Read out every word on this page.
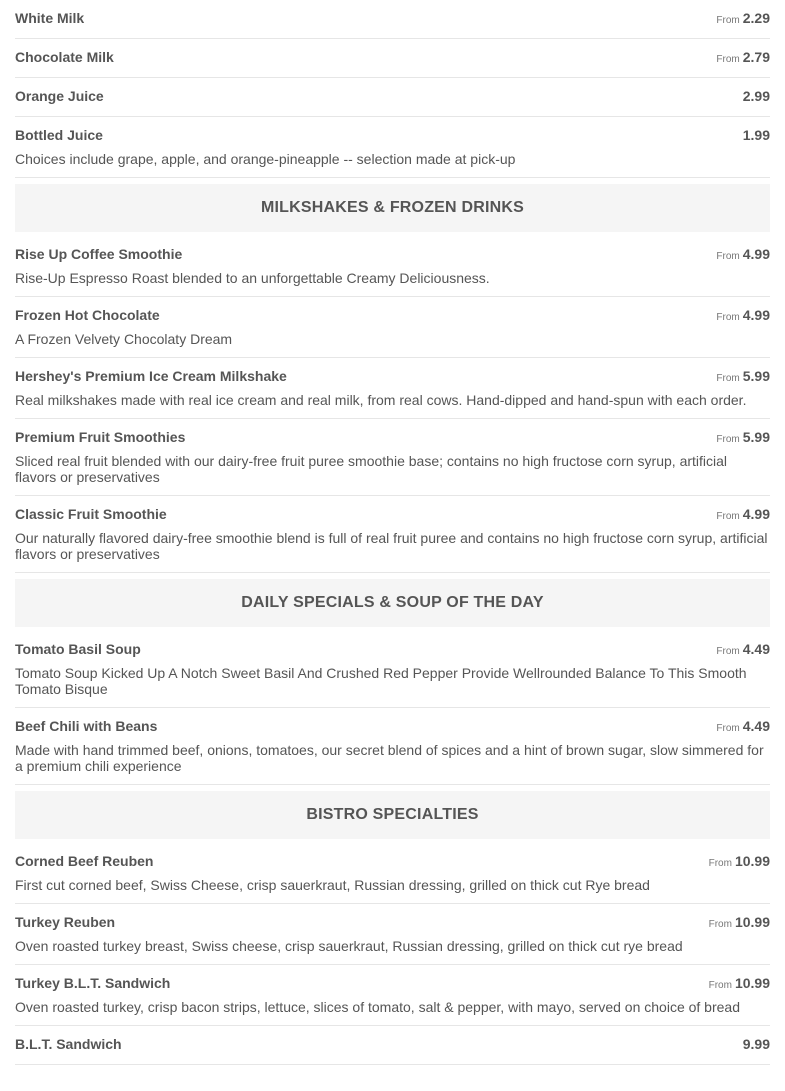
White Milk	From 2.29
Chocolate Milk	From 2.79
Orange Juice	2.99
Bottled Juice	1.99
Choices include grape, apple, and orange-pineapple -- selection made at pick-up
MILKSHAKES & FROZEN DRINKS
Rise Up Coffee Smoothie	From 4.99
Rise-Up Espresso Roast blended to an unforgettable Creamy Deliciousness.
Frozen Hot Chocolate	From 4.99
A Frozen Velvety Chocolaty Dream
Hershey's Premium Ice Cream Milkshake	From 5.99
Real milkshakes made with real ice cream and real milk, from real cows. Hand-dipped and hand-spun with each order.
Premium Fruit Smoothies	From 5.99
Sliced real fruit blended with our dairy-free fruit puree smoothie base; contains no high fructose corn syrup, artificial flavors or preservatives
Classic Fruit Smoothie	From 4.99
Our naturally flavored dairy-free smoothie blend is full of real fruit puree and contains no high fructose corn syrup, artificial flavors or preservatives
DAILY SPECIALS & SOUP OF THE DAY
Tomato Basil Soup	From 4.49
Tomato Soup Kicked Up A Notch Sweet Basil And Crushed Red Pepper Provide Wellrounded Balance To This Smooth Tomato Bisque
Beef Chili with Beans	From 4.49
Made with hand trimmed beef, onions, tomatoes, our secret blend of spices and a hint of brown sugar, slow simmered for a premium chili experience
BISTRO SPECIALTIES
Corned Beef Reuben	From 10.99
First cut corned beef, Swiss Cheese, crisp sauerkraut, Russian dressing, grilled on thick cut Rye bread
Turkey Reuben	From 10.99
Oven roasted turkey breast, Swiss cheese, crisp sauerkraut, Russian dressing, grilled on thick cut rye bread
Turkey B.L.T. Sandwich	From 10.99
Oven roasted turkey, crisp bacon strips, lettuce, slices of tomato, salt & pepper, with mayo, served on choice of bread
B.L.T. Sandwich	9.99
